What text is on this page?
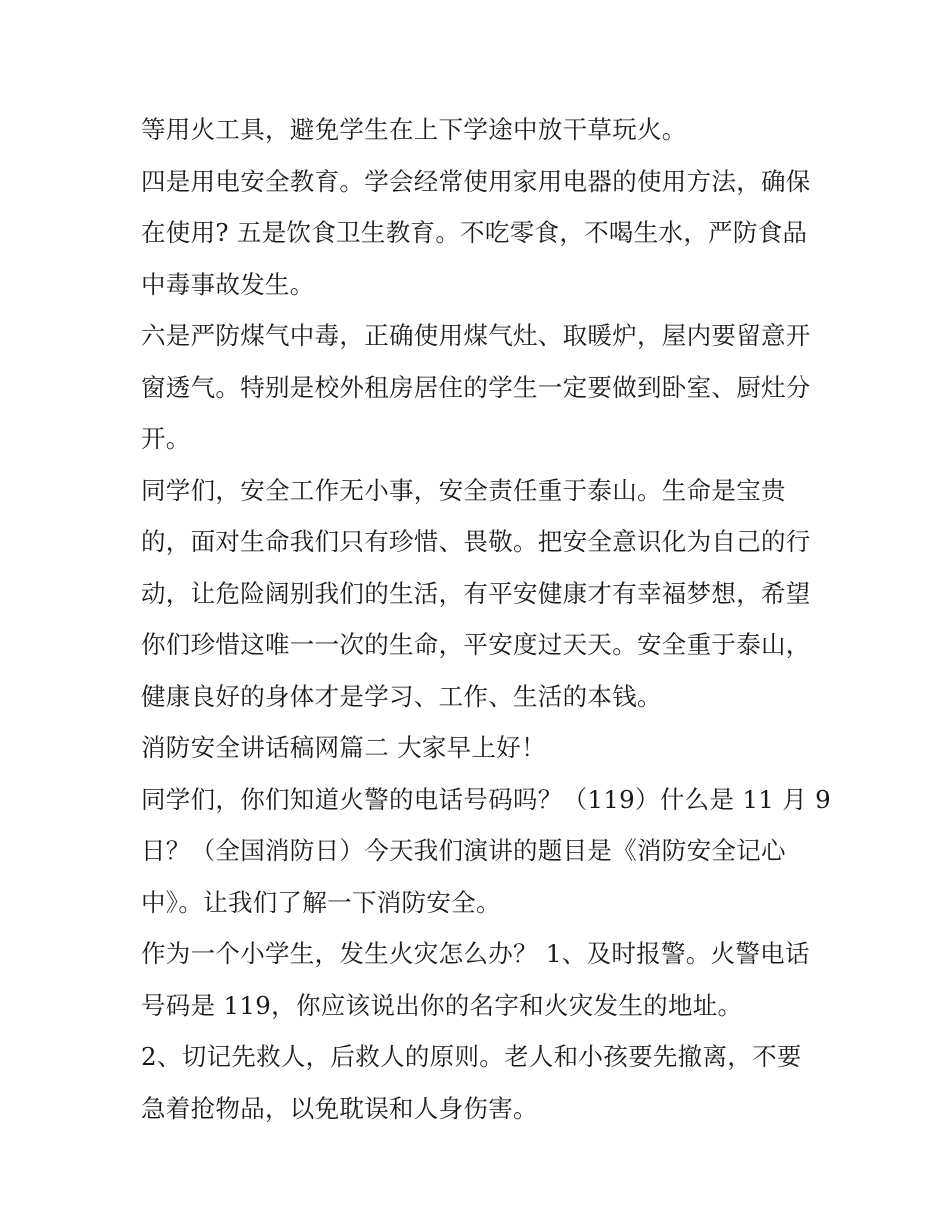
等用火工具，避免学生在上下学途中放干草玩火。
四是用电安全教育。学会经常使用家用电器的使用方法，确保
在使用? 五是饮食卫生教育。不吃零食，不喝生水，严防食品
中毒事故发生。
六是严防煤气中毒，正确使用煤气灶、取暖炉，屋内要留意开
窗透气。特别是校外租房居住的学生一定要做到卧室、厨灶分
开。
同学们，安全工作无小事，安全责任重于泰山。生命是宝贵
的，面对生命我们只有珍惜、畏敬。把安全意识化为自己的行
动，让危险阔别我们的生活，有平安健康才有幸福梦想，希望
你们珍惜这唯一一次的生命，平安度过天天。安全重于泰山，
健康良好的身体才是学习、工作、生活的本钱。
消防安全讲话稿网篇二 大家早上好！
同学们，你们知道火警的电话号码吗？（119）什么是 11 月 9
日？（全国消防日）今天我们演讲的题目是《消防安全记心
中》。让我们了解一下消防安全。
作为一个小学生，发生火灾怎么办？ 1、及时报警。火警电话
号码是 119，你应该说出你的名字和火灾发生的地址。
2、切记先救人，后救人的原则。老人和小孩要先撤离，不要
急着抢物品，以免耽误和人身伤害。
